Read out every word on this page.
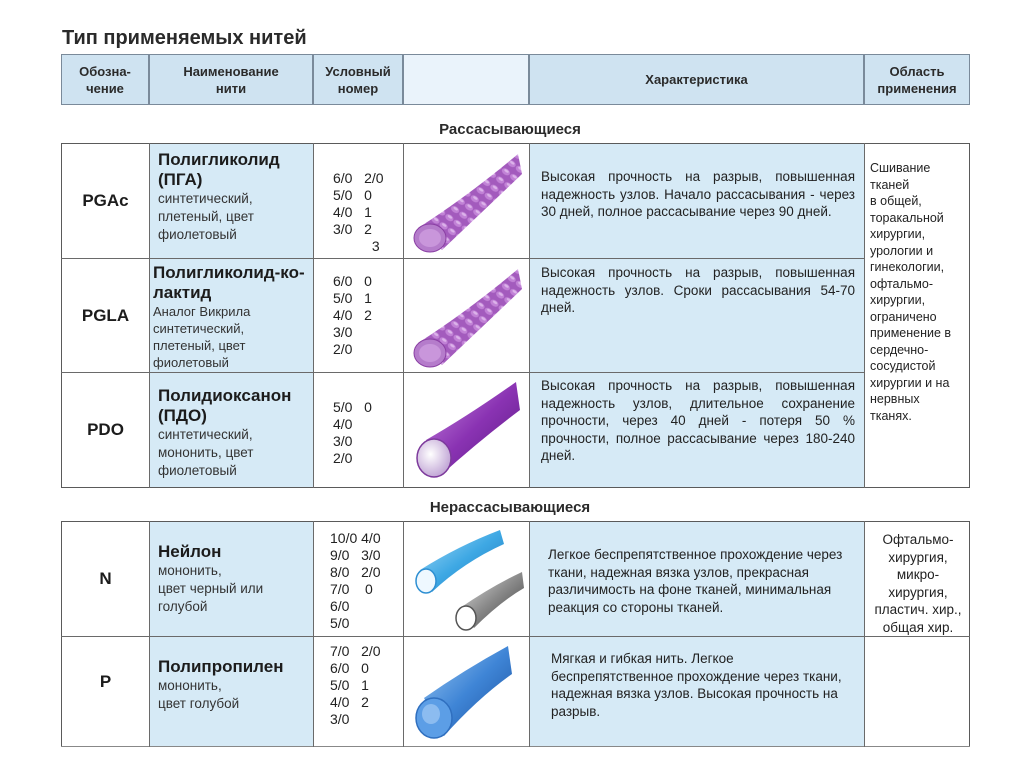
Тип применяемых нитей
Обозна-
чение
Наименование
нити
Условный
номер
Характеристика
Область
применения
Рассасывающиеся
PGAc
Полигликолид
(ПГА)
синтетический,
плетеный, цвет
фиолетовый
6/0   2/0
5/0   0
4/0   1
3/0   2
3
Высокая прочность на разрыв, повышенная надежность узлов. Начало рассасывания - через 30 дней, полное рассасывание через 90 дней.
PGLA
Полигликолид-ко-
лактид
Аналог Викрила
синтетический,
плетеный, цвет
фиолетовый
6/0   0
5/0   1
4/0   2
3/0
2/0
Высокая прочность на разрыв, повышенная надежность узлов. Сроки рассасывания 54-70 дней.
PDO
Полидиоксанон
(ПДО)
синтетический,
мононить, цвет
фиолетовый
5/0   0
4/0
3/0
2/0
Высокая прочность на разрыв, повышенная надежность узлов, длительное сохранение прочности, через 40 дней - потеря 50 % прочности, полное рассасывание через 180-240 дней.
Сшивание
тканей
в общей,
торакальной
хирургии,
урологии и
гинекологии,
офтальмо-
хирургии,
ограничено
применение в
сердечно-
сосудистой
хирургии и на
нервных
тканях.
Нерассасывающиеся
N
Нейлон
мононить,
цвет черный или
голубой
10/0 4/0
9/0   3/0
8/0   2/0
7/0    0
6/0
5/0
Легкое беспрепятственное прохождение через ткани, надежная вязка узлов, прекрасная различимость на фоне тканей, минимальная реакция со стороны тканей.
Офтальмо-
хирургия,
микро-
хирургия,
пластич. хир.,
общая хир.
P
Полипропилен
мононить,
цвет голубой
7/0   2/0
6/0   0
5/0   1
4/0   2
3/0
Мягкая и гибкая нить. Легкое беспрепятственное прохождение через ткани, надежная вязка узлов. Высокая прочность на разрыв.
